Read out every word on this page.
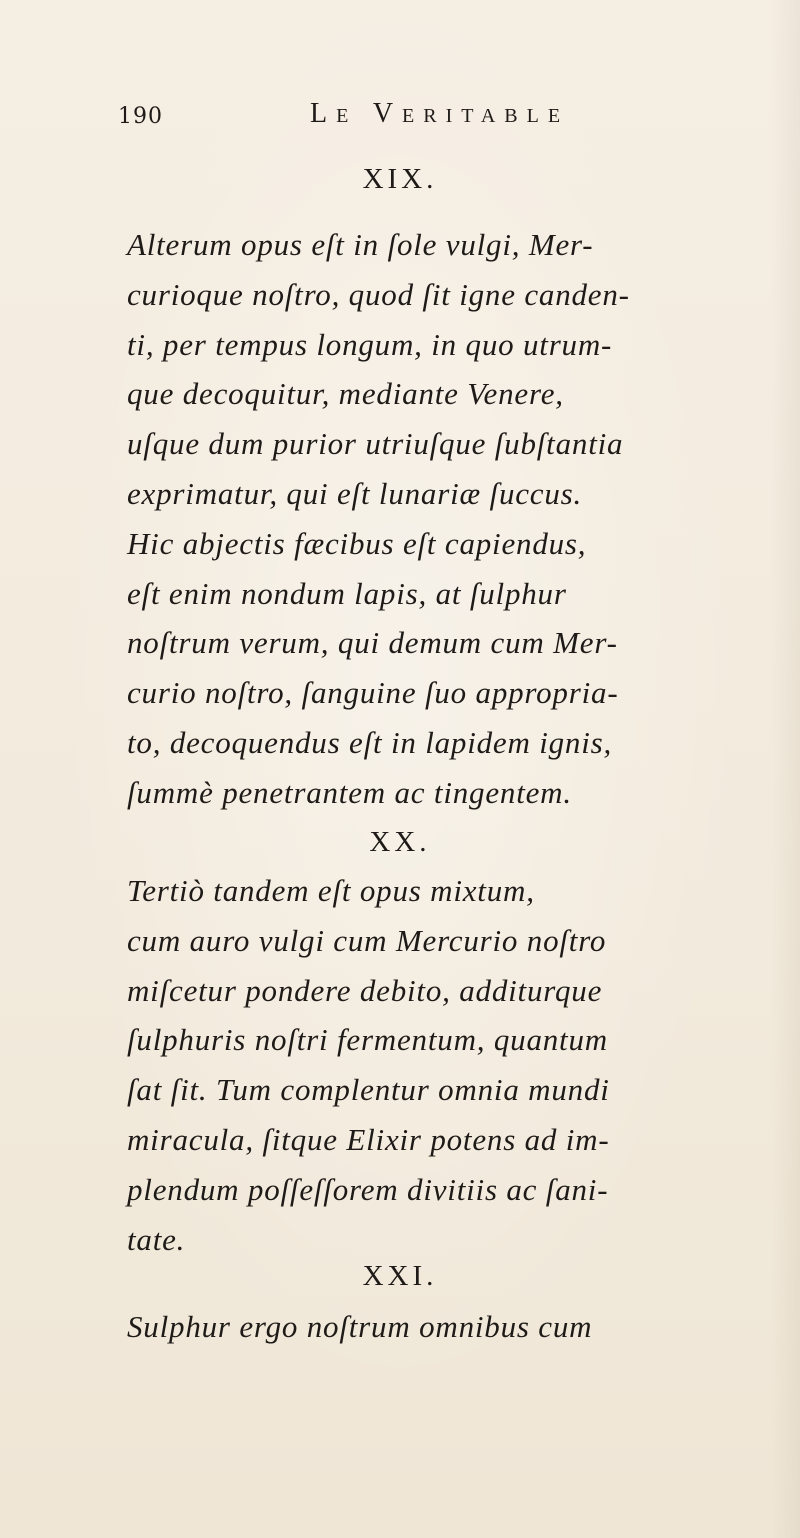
190	Le Veritable
XIX.
Alterum opus eſt in ſole vulgi, Mer-
curioque noſtro, quod ſit igne canden-
ti, per tempus longum, in quo utrum-
que decoquitur, mediante Venere,
uſque dum purior utriuſque ſubſtantia
exprimatur, qui eſt lunariæ ſuccus.
Hic abjectis fæcibus eſt capiendus,
eſt enim nondum lapis, at ſulphur
noſtrum verum, qui demum cum Mer-
curio noſtro, ſanguine ſuo appropria-
to, decoquendus eſt in lapidem ignis,
ſummè penetrantem ac tingentem.
XX.
Tertiò tandem eſt opus mixtum,
cum auro vulgi cum Mercurio noſtro
miſcetur pondere debito, additurque
ſulphuris noſtri fermentum, quantum
ſat ſit. Tum complentur omnia mundi
miracula, ſitque Elixir potens ad im-
plendum poſſeſſorem divitiis ac ſani-
tate.
XXI.
Sulphur ergo noſtrum omnibus cum
